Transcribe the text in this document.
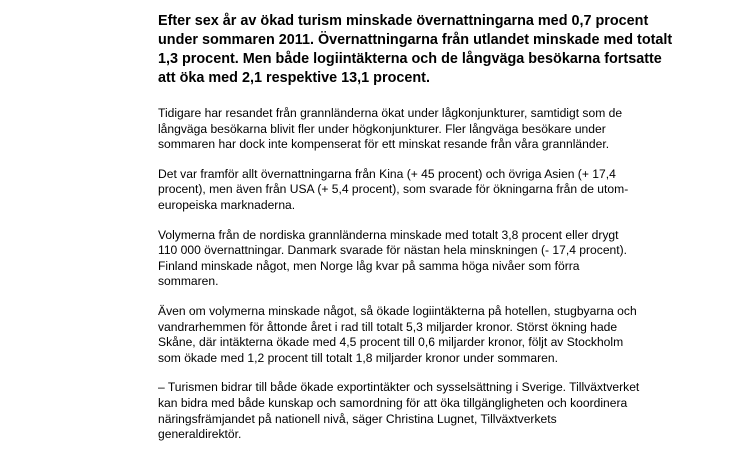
Efter sex år av ökad turism minskade övernattningarna med 0,7 procent
under sommaren 2011. Övernattningarna från utlandet minskade med totalt
1,3 procent. Men både logiintäkterna och de långväga besökarna fortsatte
att öka med 2,1 respektive 13,1 procent.

Tidigare har resandet från grannländerna ökat under lågkonjunkturer, samtidigt som de
långväga besökarna blivit fler under högkonjunkturer. Fler långväga besökare under
sommaren har dock inte kompenserat för ett minskat resande från våra grannländer.

Det var framför allt övernattningarna från Kina (+ 45 procent) och övriga Asien (+ 17,4
procent), men även från USA (+ 5,4 procent), som svarade för ökningarna från de utom-
europeiska marknaderna.

Volymerna från de nordiska grannländerna minskade med totalt 3,8 procent eller drygt
110 000 övernattningar. Danmark svarade för nästan hela minskningen (- 17,4 procent).
Finland minskade något, men Norge låg kvar på samma höga nivåer som förra
sommaren.

Även om volymerna minskade något, så ökade logiintäkterna på hotellen, stugbyarna och
vandrarhemmen för åttonde året i rad till totalt 5,3 miljarder kronor. Störst ökning hade
Skåne, där intäkterna ökade med 4,5 procent till 0,6 miljarder kronor, följt av Stockholm
som ökade med 1,2 procent till totalt 1,8 miljarder kronor under sommaren.

– Turismen bidrar till både ökade exportintäkter och sysselsättning i Sverige. Tillväxtverket
kan bidra med både kunskap och samordning för att öka tillgängligheten och koordinera
näringsfrämjandet på nationell nivå, säger Christina Lugnet, Tillväxtverkets
generaldirektör.
